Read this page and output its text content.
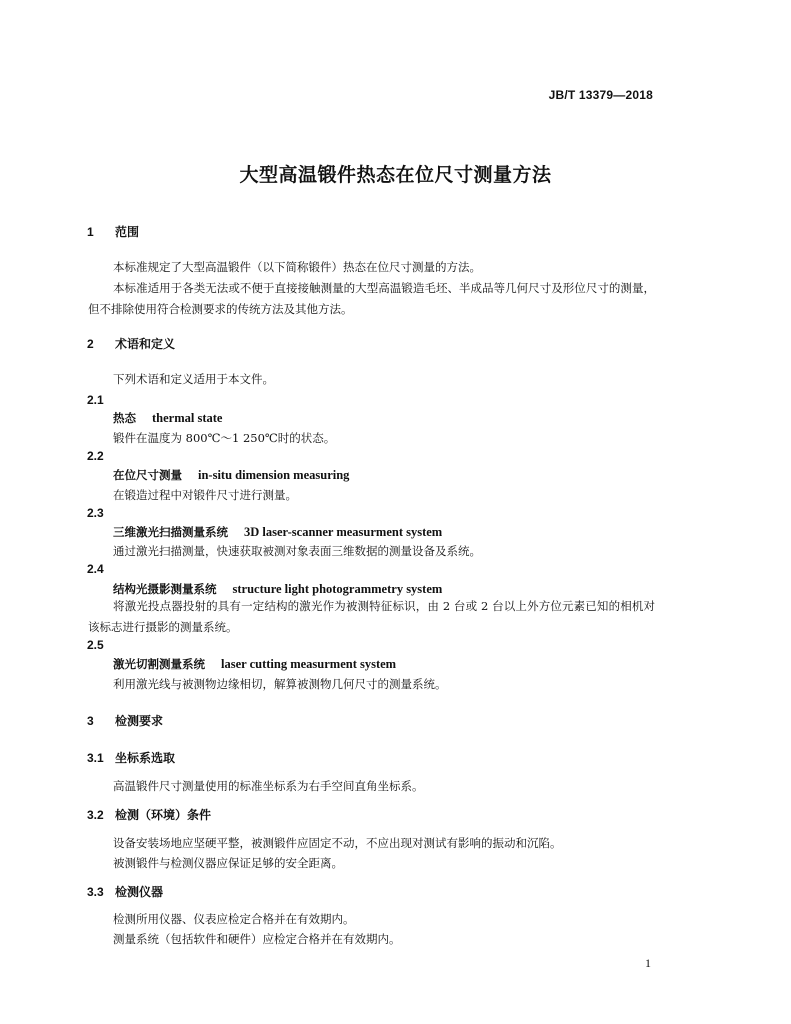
JB/T 13379—2018
大型高温锻件热态在位尺寸测量方法
1 范围
本标准规定了大型高温锻件（以下简称锻件）热态在位尺寸测量的方法。
本标准适用于各类无法或不便于直接接触测量的大型高温锻造毛坯、半成品等几何尺寸及形位尺寸的测量，但不排除使用符合检测要求的传统方法及其他方法。
2 术语和定义
下列术语和定义适用于本文件。
2.1
热态 thermal state
锻件在温度为 800℃～1 250℃时的状态。
2.2
在位尺寸测量 in-situ dimension measuring
在锻造过程中对锻件尺寸进行测量。
2.3
三维激光扫描测量系统 3D laser-scanner measurment system
通过激光扫描测量，快速获取被测对象表面三维数据的测量设备及系统。
2.4
结构光摄影测量系统 structure light photogrammetry system
将激光投点器投射的具有一定结构的激光作为被测特征标识，由 2 台或 2 台以上外方位元素已知的相机对该标志进行摄影的测量系统。
2.5
激光切割测量系统 laser cutting measurment system
利用激光线与被测物边缘相切，解算被测物几何尺寸的测量系统。
3 检测要求
3.1 坐标系选取
高温锻件尺寸测量使用的标准坐标系为右手空间直角坐标系。
3.2 检测（环境）条件
设备安装场地应坚硬平整，被测锻件应固定不动，不应出现对测试有影响的振动和沉陷。
被测锻件与检测仪器应保证足够的安全距离。
3.3 检测仪器
检测所用仪器、仪表应检定合格并在有效期内。
测量系统（包括软件和硬件）应检定合格并在有效期内。
1
